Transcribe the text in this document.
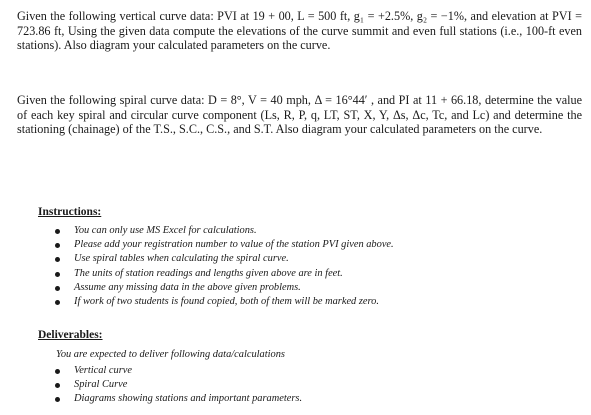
Given the following vertical curve data: PVI at 19 + 00, L = 500 ft, g₁ = +2.5%, g₂ = −1%, and elevation at PVI = 723.86 ft, Using the given data compute the elevations of the curve summit and even full stations (i.e., 100-ft even stations). Also diagram your calculated parameters on the curve.

Given the following spiral curve data: D = 8°, V = 40 mph, Δ = 16°44′ , and PI at 11 + 66.18, determine the value of each key spiral and circular curve component (Ls, R, P, q, LT, ST, X, Y, Δs, Δc, Tc, and Lc) and determine the stationing (chainage) of the T.S., S.C., C.S., and S.T. Also diagram your calculated parameters on the curve.

Instructions:

You can only use MS Excel for calculations.
Please add your registration number to value of the station PVI given above.
Use spiral tables when calculating the spiral curve.
The units of station readings and lengths given above are in feet.
Assume any missing data in the above given problems.
If work of two students is found copied, both of them will be marked zero.

Deliverables:

You are expected to deliver following data/calculations

Vertical curve
Spiral Curve
Diagrams showing stations and important parameters.
